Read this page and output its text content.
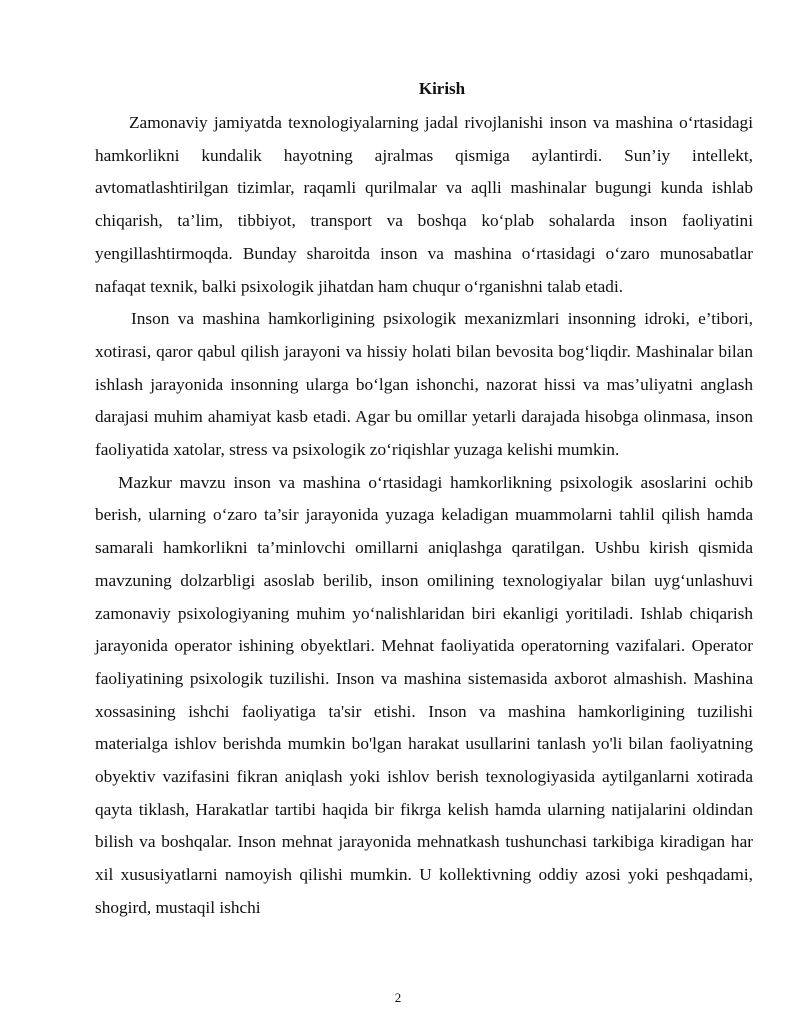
Kirish

Zamonaviy jamiyatda texnologiyalarning jadal rivojlanishi inson va mashina o‘rtasidagi hamkorlikni kundalik hayotning ajralmas qismiga aylantirdi. Sun’iy intellekt, avtomatlashtirilgan tizimlar, raqamli qurilmalar va aqlli mashinalar bugungi kunda ishlab chiqarish, ta’lim, tibbiyot, transport va boshqa ko‘plab sohalarda inson faoliyatini yengillashtirmoqda. Bunday sharoitda inson va mashina o‘rtasidagi o‘zaro munosabatlar nafaqat texnik, balki psixologik jihatdan ham chuqur o‘rganishni talab etadi.

Inson va mashina hamkorligining psixologik mexanizmlari insonning idroki, e’tibori, xotirasi, qaror qabul qilish jarayoni va hissiy holati bilan bevosita bog‘liqdir. Mashinalar bilan ishlash jarayonida insonning ularga bo‘lgan ishonchi, nazorat hissi va mas’uliyatni anglash darajasi muhim ahamiyat kasb etadi. Agar bu omillar yetarli darajada hisobga olinmasa, inson faoliyatida xatolar, stress va psixologik zo‘riqishlar yuzaga kelishi mumkin.

Mazkur mavzu inson va mashina o‘rtasidagi hamkorlikning psixologik asoslarini ochib berish, ularning o‘zaro ta’sir jarayonida yuzaga keladigan muammolarni tahlil qilish hamda samarali hamkorlikni ta’minlovchi omillarni aniqlashga qaratilgan. Ushbu kirish qismida mavzuning dolzarbligi asoslab berilib, inson omilining texnologiyalar bilan uyg‘unlashuvi zamonaviy psixologiyaning muhim yo‘nalishlaridan biri ekanligi yoritiladi. Ishlab chiqarish jarayonida operator ishining obyektlari. Mehnat faoliyatida operatorning vazifalari. Operator faoliyatining psixologik tuzilishi. Inson va mashina sistemasida axborot almashish. Mashina xossasining ishchi faoliyatiga ta'sir etishi. Inson va mashina hamkorligining tuzilishi materialga ishlov berishda mumkin bo'lgan harakat usullarini tanlash yo'li bilan faoliyatning obyektiv vazifasini fikran aniqlash yoki ishlov berish texnologiyasida aytilganlarni xotirada qayta tiklash, Harakatlar tartibi haqida bir fikrga kelish hamda ularning natijalarini oldindan bilish va boshqalar. Inson mehnat jarayonida mehnatkash tushunchasi tarkibiga kiradigan har xil xususiyatlarni namoyish qilishi mumkin. U kollektivning oddiy azosi yoki peshqadami, shogird, mustaqil ishchi

2
